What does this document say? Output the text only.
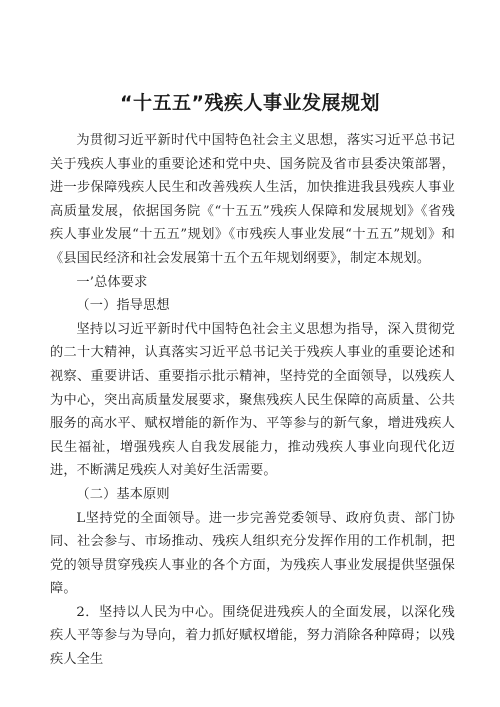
“十五五”残疾人事业发展规划

为贯彻习近平新时代中国特色社会主义思想，落实习近平总书记关于残疾人事业的重要论述和党中央、国务院及省市县委决策部署，进一步保障残疾人民生和改善残疾人生活，加快推进我县残疾人事业高质量发展，依据国务院《“十五五”残疾人保障和发展规划》《省残疾人事业发展“十五五”规划》《市残疾人事业发展“十五五”规划》和《县国民经济和社会发展第十五个五年规划纲要》，制定本规划。

一’总体要求

（一）指导思想

坚持以习近平新时代中国特色社会主义思想为指导，深入贯彻党的二十大精神，认真落实习近平总书记关于残疾人事业的重要论述和视察、重要讲话、重要指示批示精神，坚持党的全面领导，以残疾人为中心，突出高质量发展要求，聚焦残疾人民生保障的高质量、公共服务的高水平、赋权增能的新作为、平等参与的新气象，增进残疾人民生福祉，增强残疾人自我发展能力，推动残疾人事业向现代化迈进，不断满足残疾人对美好生活需要。

（二）基本原则

L坚持党的全面领导。进一步完善党委领导、政府负责、部门协同、社会参与、市场推动、残疾人组织充分发挥作用的工作机制，把党的领导贯穿残疾人事业的各个方面，为残疾人事业发展提供坚强保障。

2．坚持以人民为中心。围绕促进残疾人的全面发展，以深化残疾人平等参与为导向，着力抓好赋权增能，努力消除各种障碍；以残疾人全生
